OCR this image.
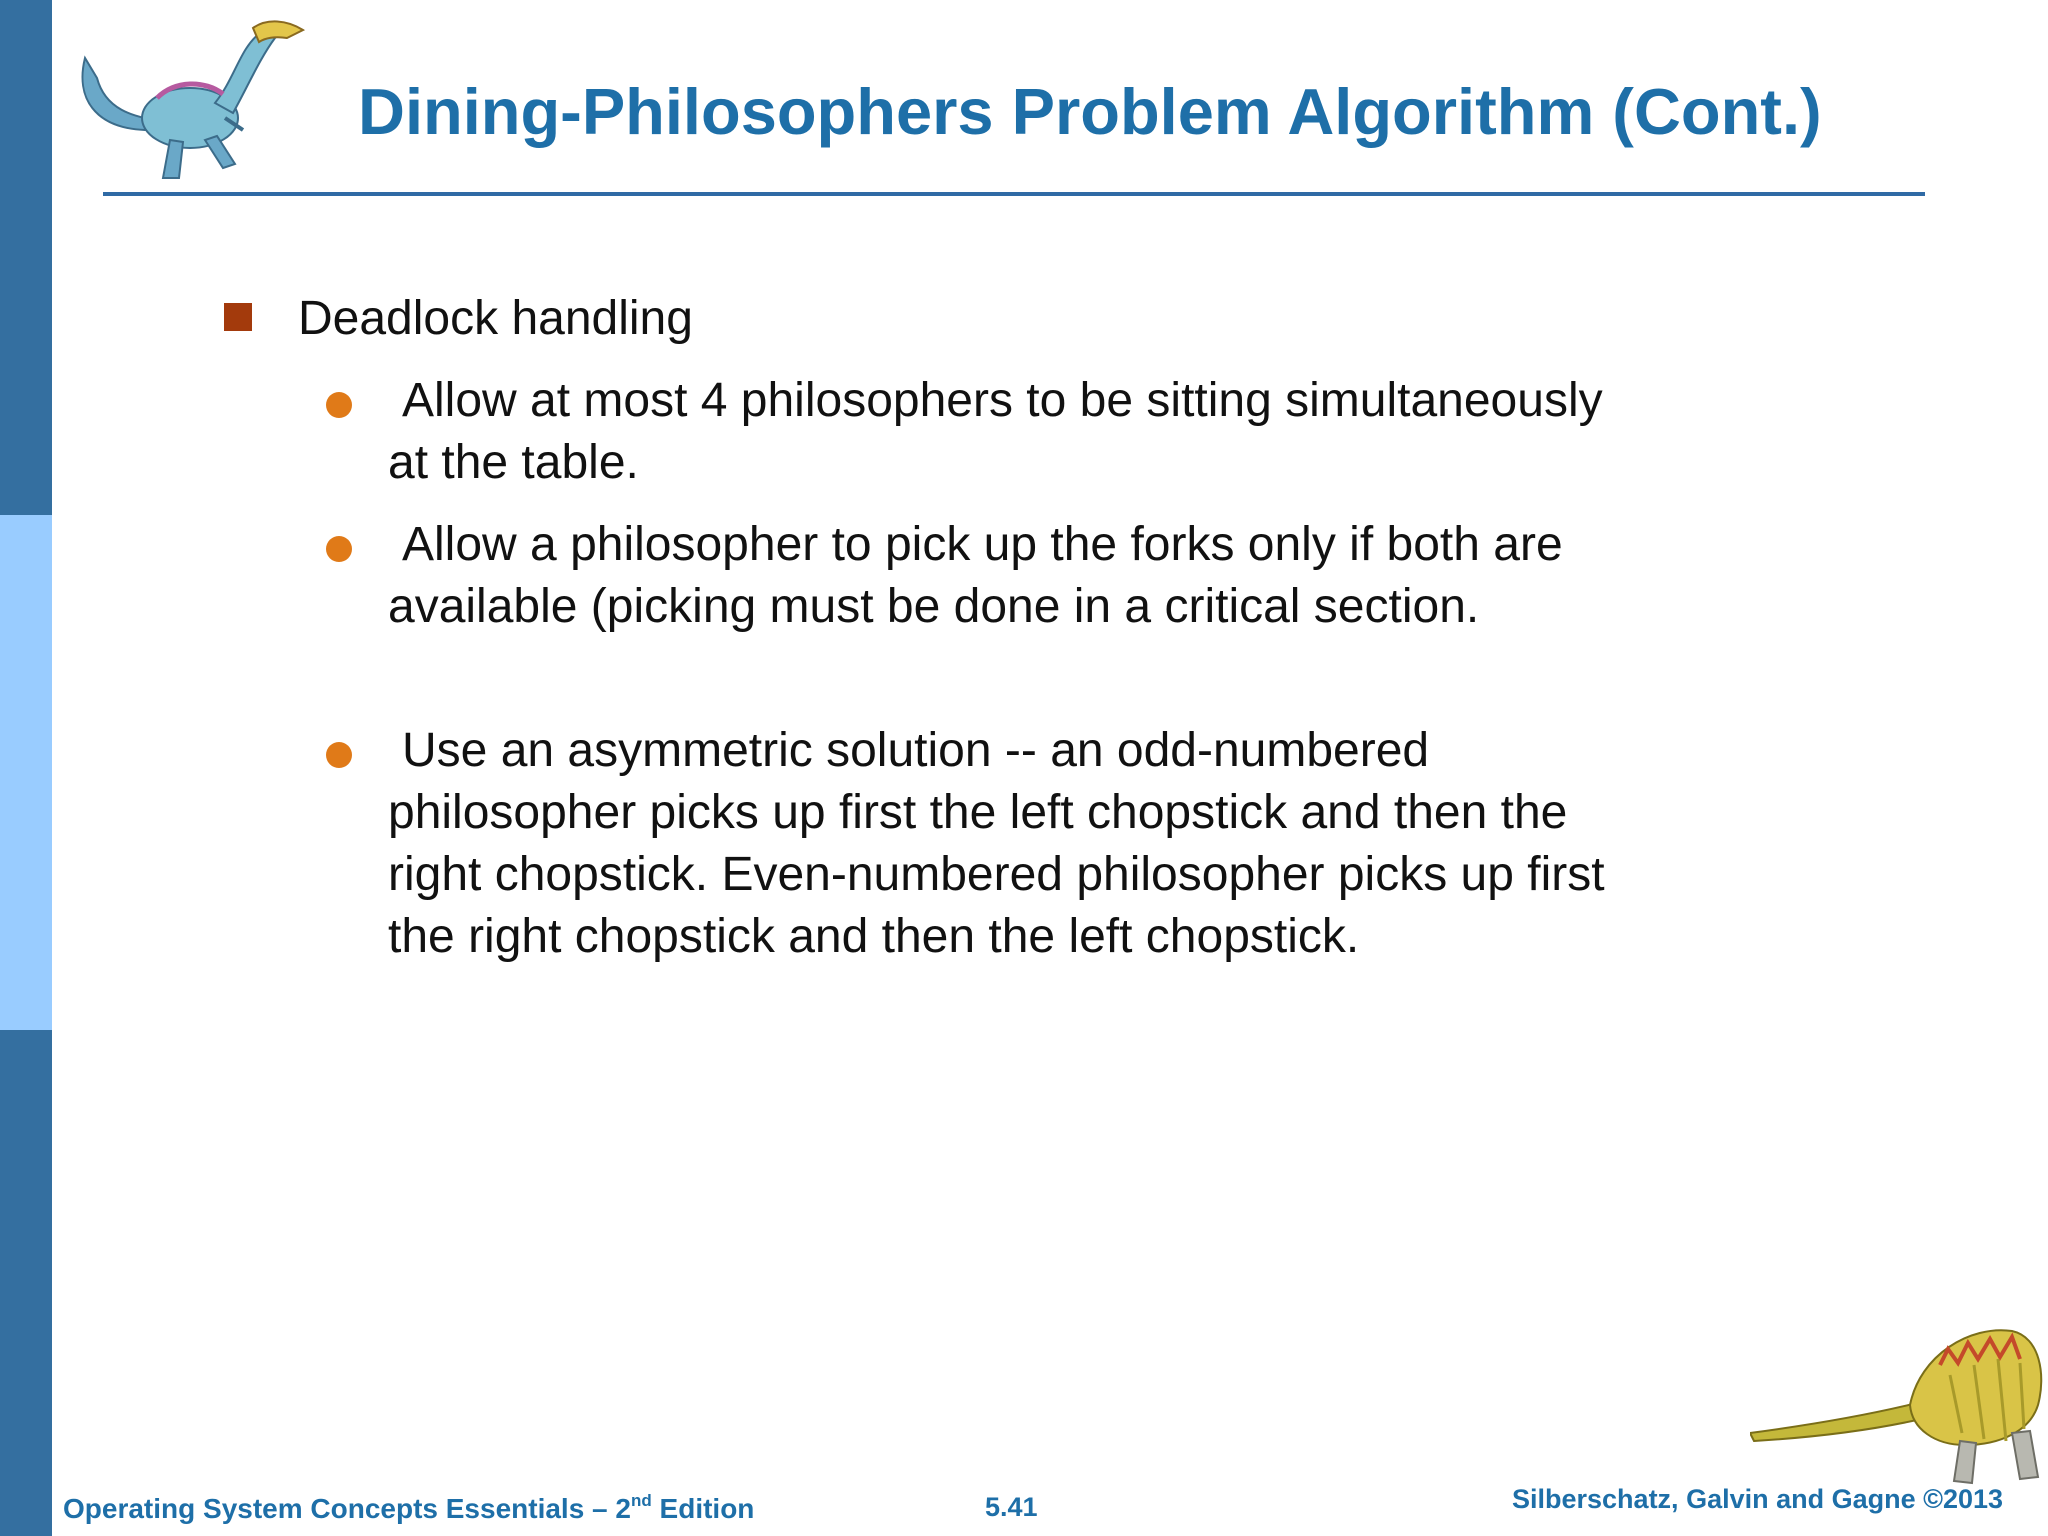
Dining-Philosophers Problem Algorithm (Cont.)
Deadlock handling

Allow at most 4 philosophers to be sitting simultaneously at the table.

Allow a philosopher to pick up the forks only if both are available (picking must be done in a critical section.

Use an asymmetric solution -- an odd-numbered philosopher picks up first the left chopstick and then the right chopstick. Even-numbered philosopher picks up first the right chopstick and then the left chopstick.

Operating System Concepts Essentials – 2nd Edition	5.41	Silberschatz, Galvin and Gagne ©2013
